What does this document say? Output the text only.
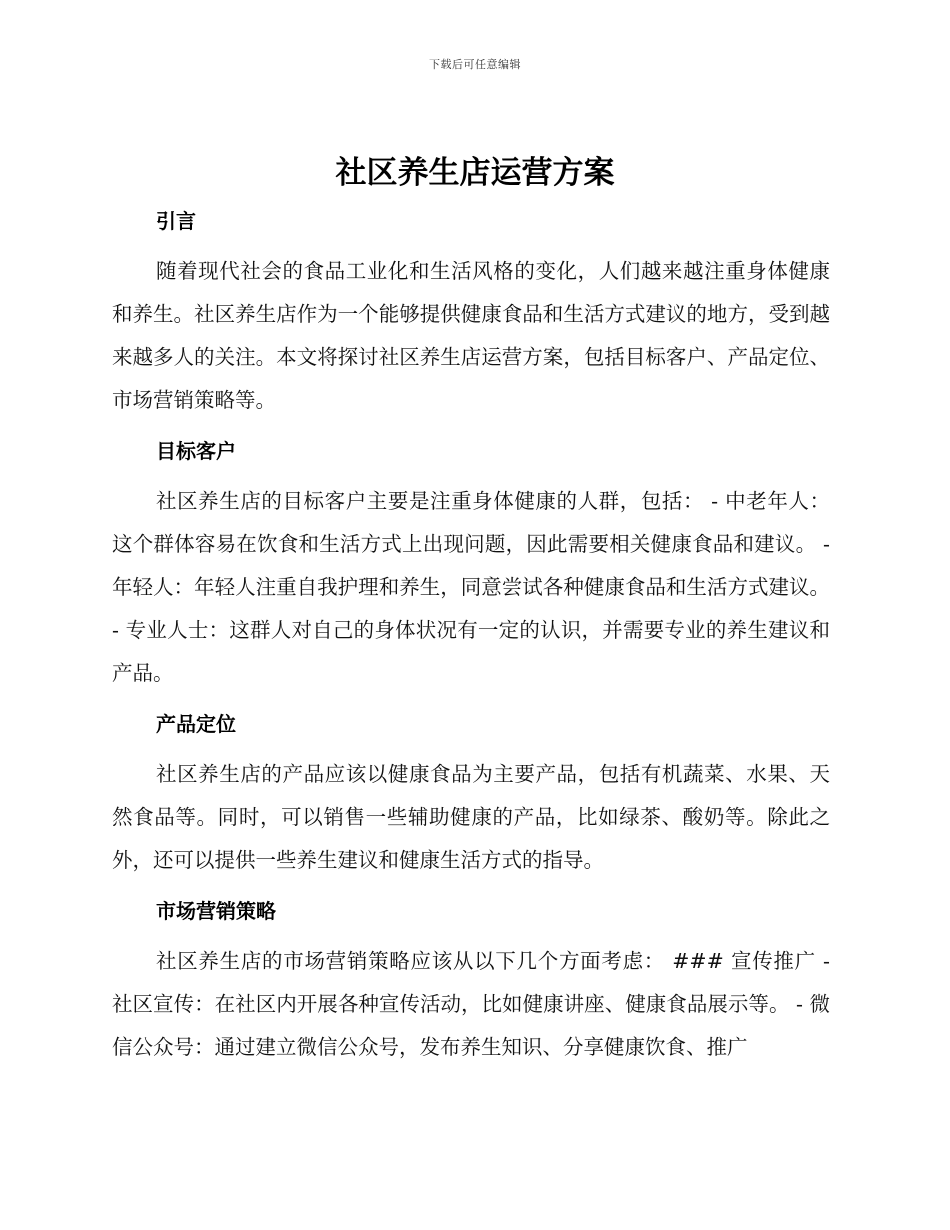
下载后可任意编辑
社区养生店运营方案
引言

随着现代社会的食品工业化和生活风格的变化，人们越来越注重身体健康和养生。社区养生店作为一个能够提供健康食品和生活方式建议的地方，受到越来越多人的关注。本文将探讨社区养生店运营方案，包括目标客户、产品定位、市场营销策略等。

目标客户

社区养生店的目标客户主要是注重身体健康的人群，包括： - 中老年人：这个群体容易在饮食和生活方式上出现问题，因此需要相关健康食品和建议。 - 年轻人：年轻人注重自我护理和养生，同意尝试各种健康食品和生活方式建议。 - 专业人士：这群人对自己的身体状况有一定的认识，并需要专业的养生建议和产品。

产品定位

社区养生店的产品应该以健康食品为主要产品，包括有机蔬菜、水果、天然食品等。同时，可以销售一些辅助健康的产品，比如绿茶、酸奶等。除此之外，还可以提供一些养生建议和健康生活方式的指导。

市场营销策略

社区养生店的市场营销策略应该从以下几个方面考虑： ### 宣传推广 - 社区宣传：在社区内开展各种宣传活动，比如健康讲座、健康食品展示等。 - 微信公众号：通过建立微信公众号，发布养生知识、分享健康饮食、推广
